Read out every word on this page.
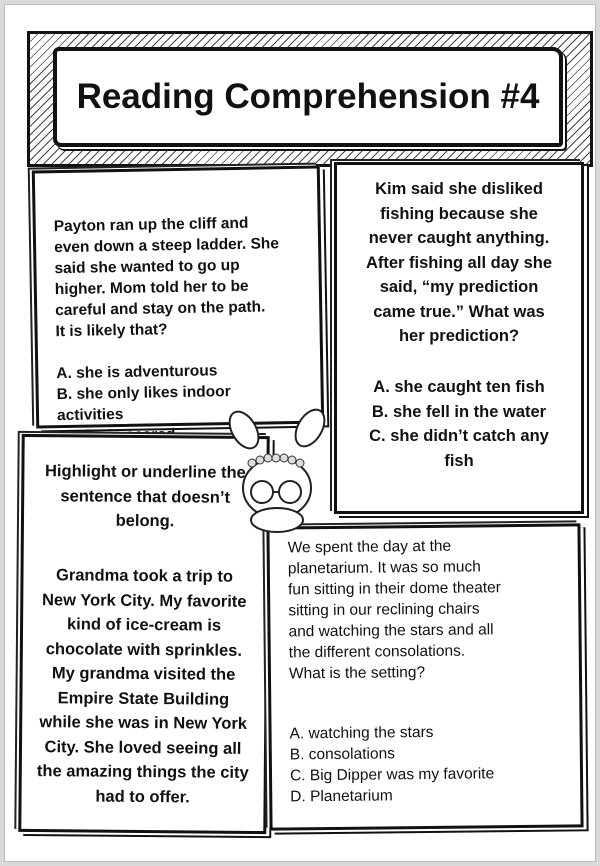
Reading Comprehension #4

Payton ran up the cliff and
even down a steep ladder. She
said she wanted to go up
higher. Mom told her to be
careful and stay on the path.
It is likely that?

A. she is adventurous
B. she only likes indoor
activities

Kim said she disliked
fishing because she
never caught anything.
After fishing all day she
said, “my prediction
came true.” What was
her prediction?
A. she caught ten fish
B. she fell in the water
C. she didn’t catch any
fish
Highlight or underline the
sentence that doesn’t
belong.
Grandma took a trip to
New York City. My favorite
kind of ice-cream is
chocolate with sprinkles.
My grandma visited the
Empire State Building
while she was in New York
City. She loved seeing all
the amazing things the city
had to offer.
We spent the day at the
planetarium. It was so much
fun sitting in their dome theater
sitting in our reclining chairs
and watching the stars and all
the different consolations.
What is the setting?
A. watching the stars
B. consolations
C. Big Dipper was my favorite
D. Planetarium
